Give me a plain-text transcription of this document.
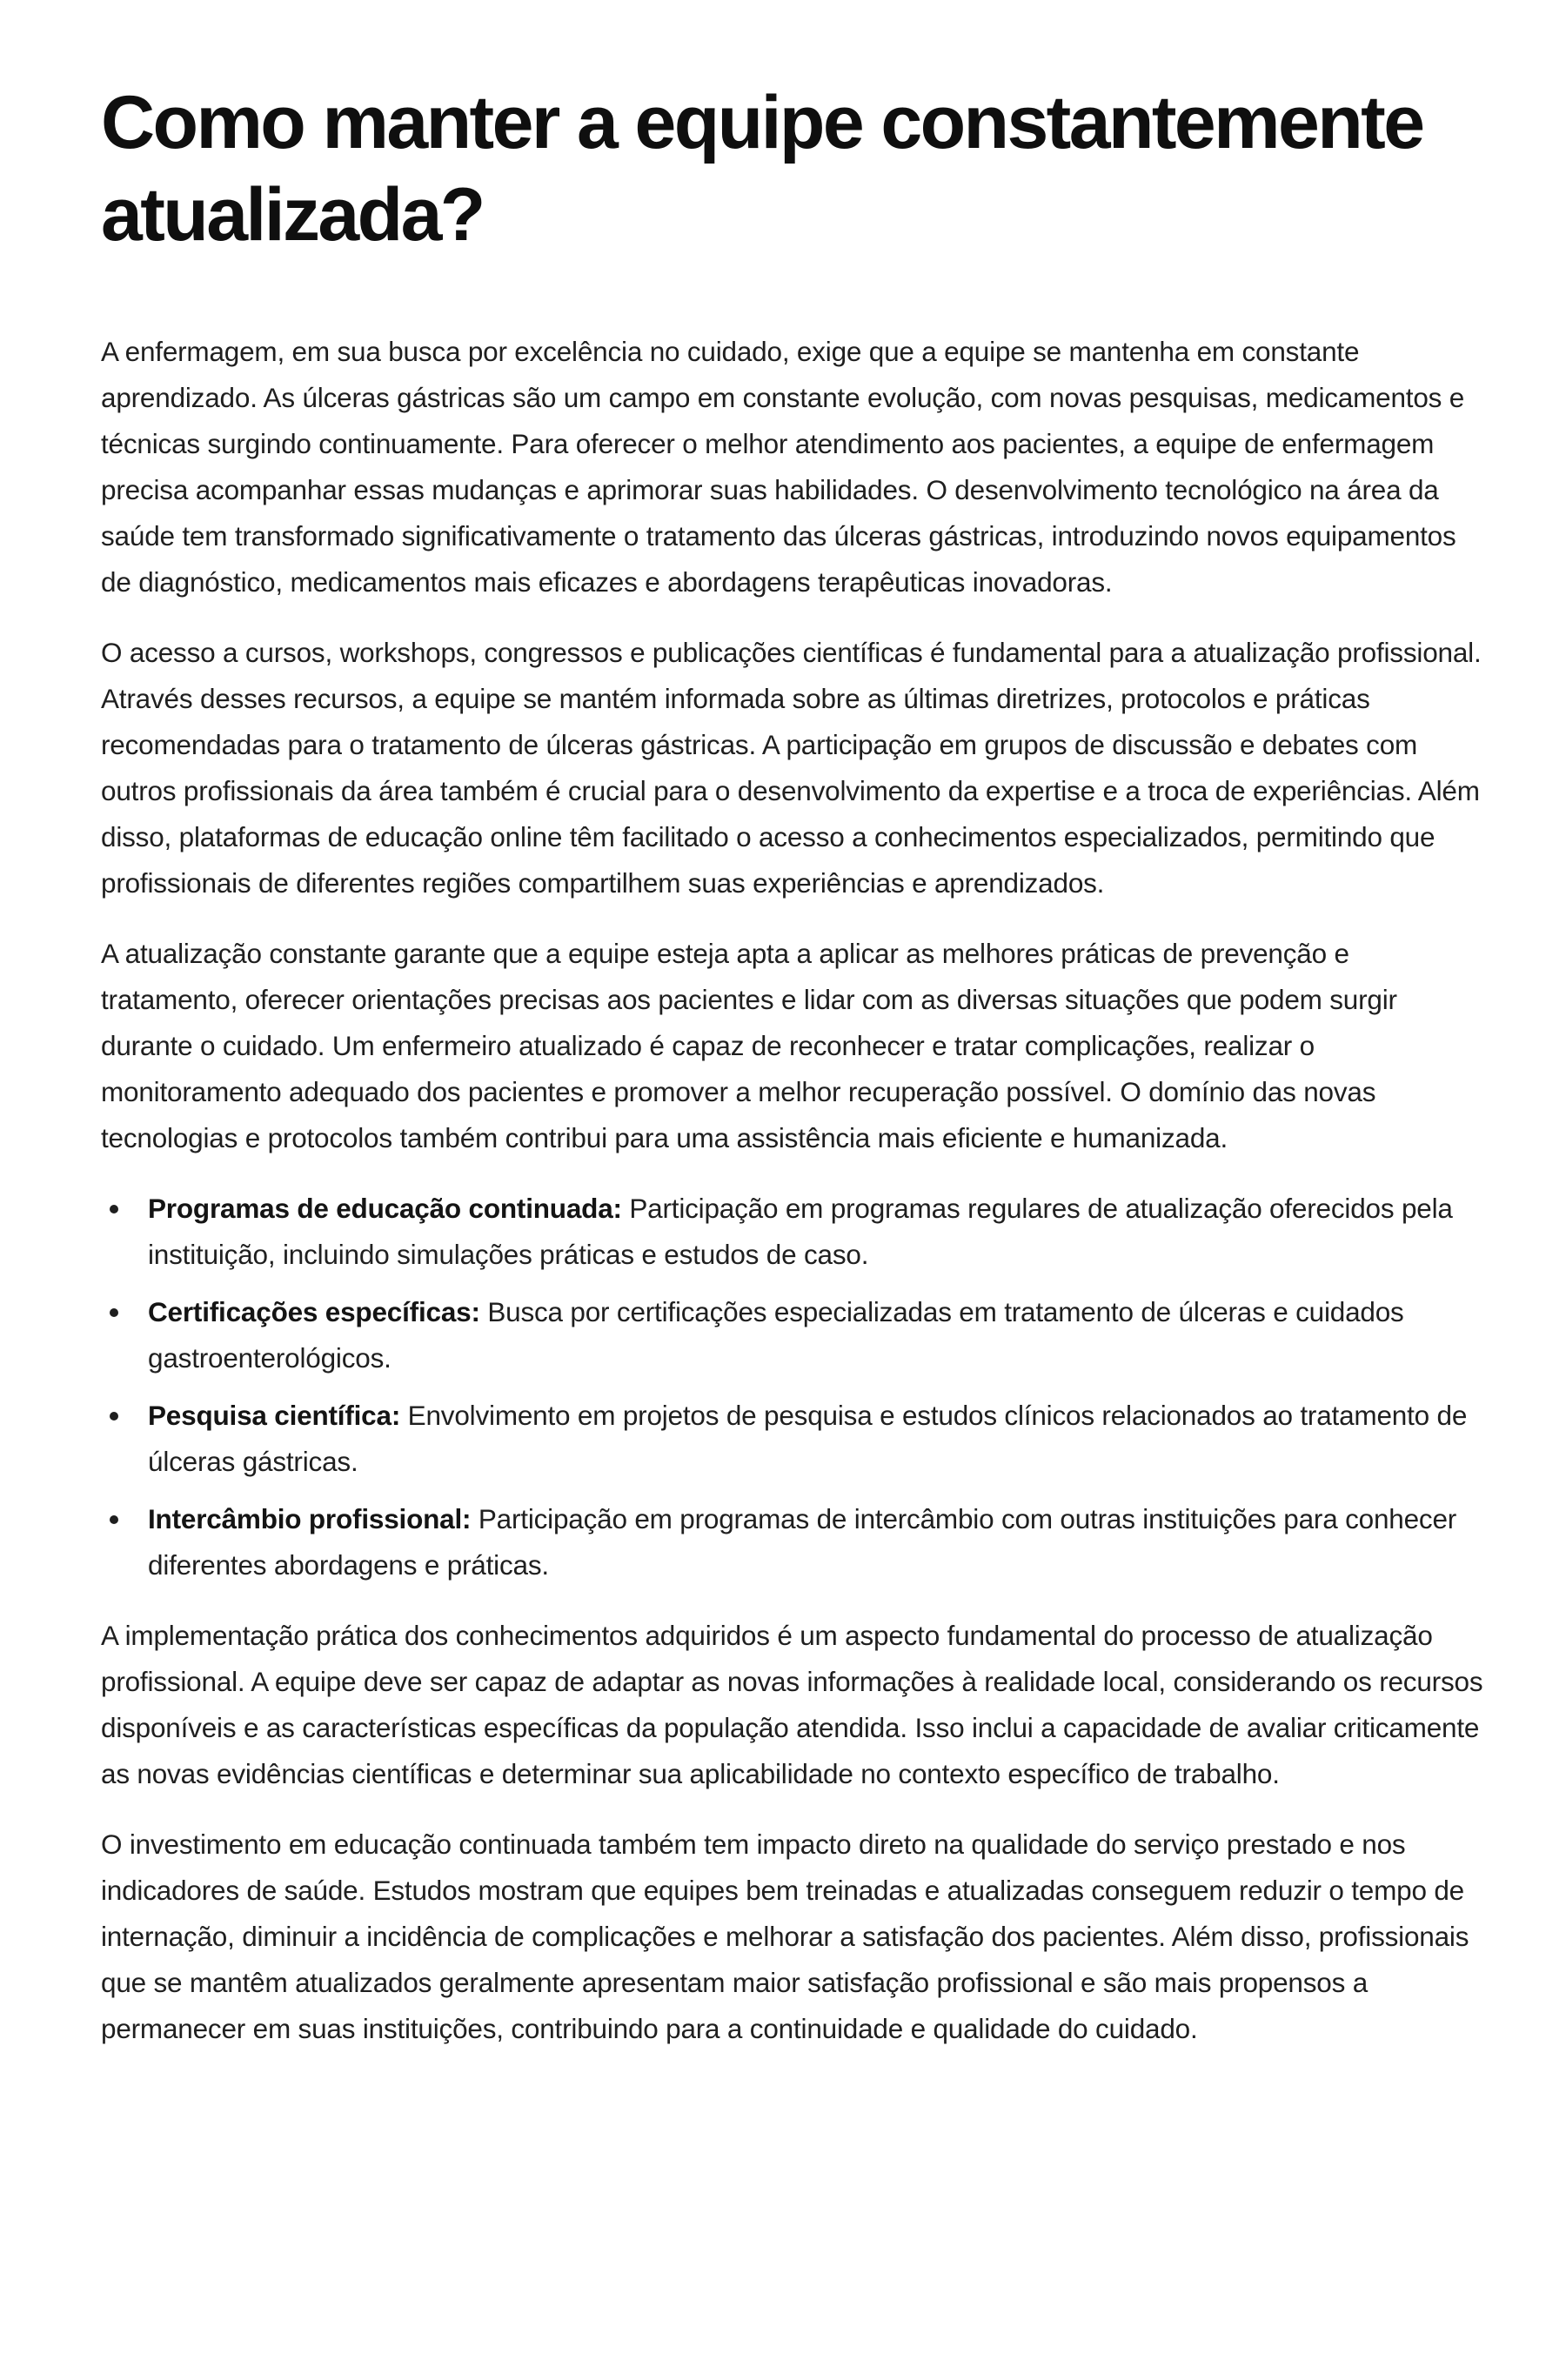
Como manter a equipe constantemente atualizada?

A enfermagem, em sua busca por excelência no cuidado, exige que a equipe se mantenha em constante aprendizado. As úlceras gástricas são um campo em constante evolução, com novas pesquisas, medicamentos e técnicas surgindo continuamente. Para oferecer o melhor atendimento aos pacientes, a equipe de enfermagem precisa acompanhar essas mudanças e aprimorar suas habilidades. O desenvolvimento tecnológico na área da saúde tem transformado significativamente o tratamento das úlceras gástricas, introduzindo novos equipamentos de diagnóstico, medicamentos mais eficazes e abordagens terapêuticas inovadoras.

O acesso a cursos, workshops, congressos e publicações científicas é fundamental para a atualização profissional. Através desses recursos, a equipe se mantém informada sobre as últimas diretrizes, protocolos e práticas recomendadas para o tratamento de úlceras gástricas. A participação em grupos de discussão e debates com outros profissionais da área também é crucial para o desenvolvimento da expertise e a troca de experiências. Além disso, plataformas de educação online têm facilitado o acesso a conhecimentos especializados, permitindo que profissionais de diferentes regiões compartilhem suas experiências e aprendizados.

A atualização constante garante que a equipe esteja apta a aplicar as melhores práticas de prevenção e tratamento, oferecer orientações precisas aos pacientes e lidar com as diversas situações que podem surgir durante o cuidado. Um enfermeiro atualizado é capaz de reconhecer e tratar complicações, realizar o monitoramento adequado dos pacientes e promover a melhor recuperação possível. O domínio das novas tecnologias e protocolos também contribui para uma assistência mais eficiente e humanizada.

Programas de educação continuada: Participação em programas regulares de atualização oferecidos pela instituição, incluindo simulações práticas e estudos de caso.
Certificações específicas: Busca por certificações especializadas em tratamento de úlceras e cuidados gastroenterológicos.
Pesquisa científica: Envolvimento em projetos de pesquisa e estudos clínicos relacionados ao tratamento de úlceras gástricas.
Intercâmbio profissional: Participação em programas de intercâmbio com outras instituições para conhecer diferentes abordagens e práticas.

A implementação prática dos conhecimentos adquiridos é um aspecto fundamental do processo de atualização profissional. A equipe deve ser capaz de adaptar as novas informações à realidade local, considerando os recursos disponíveis e as características específicas da população atendida. Isso inclui a capacidade de avaliar criticamente as novas evidências científicas e determinar sua aplicabilidade no contexto específico de trabalho.

O investimento em educação continuada também tem impacto direto na qualidade do serviço prestado e nos indicadores de saúde. Estudos mostram que equipes bem treinadas e atualizadas conseguem reduzir o tempo de internação, diminuir a incidência de complicações e melhorar a satisfação dos pacientes. Além disso, profissionais que se mantêm atualizados geralmente apresentam maior satisfação profissional e são mais propensos a permanecer em suas instituições, contribuindo para a continuidade e qualidade do cuidado.
